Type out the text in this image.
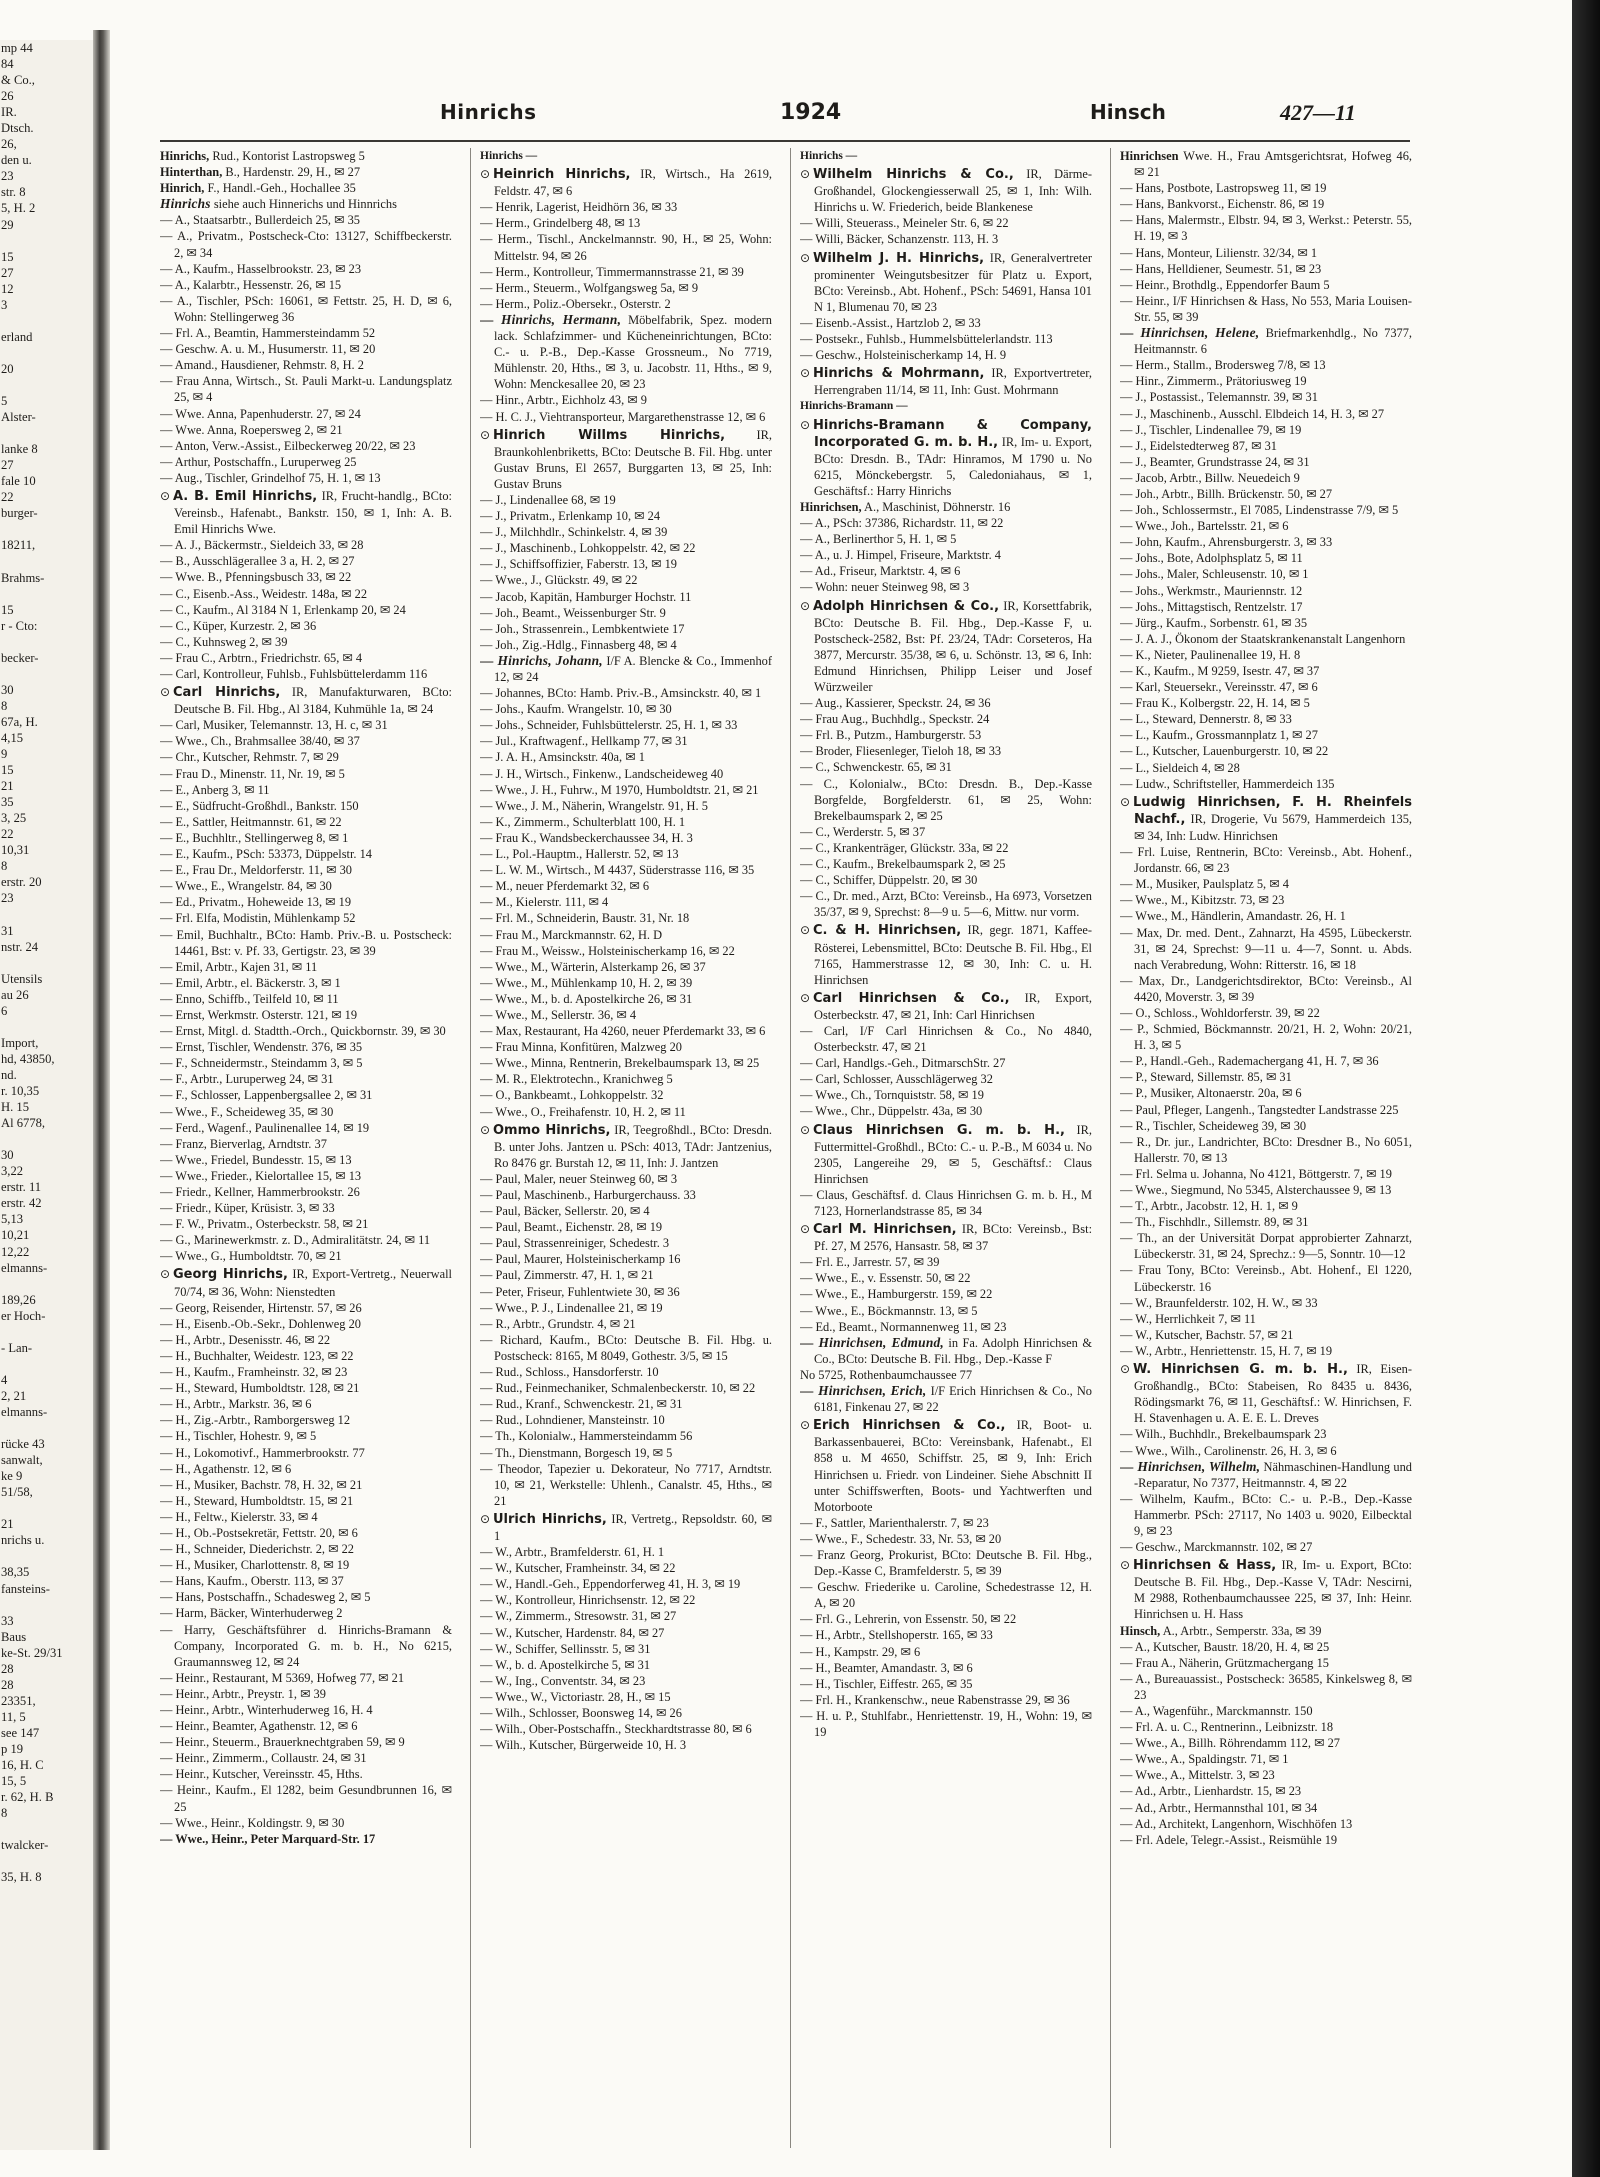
mp 44
84
& Co.,
26
IR.
Dtsch.
26,
den u.
23
str. 8
5, H. 2
29

15
27
12
3

erland

20

5
Alster-

lanke 8
27
fale 10
22
burger-

18211,

Brahms-

15
r - Cto:

becker-

30
8
67a, H.
4,15
9
15
21
35
3, 25
22
10,31
8
erstr. 20
23

31
nstr. 24

Utensils
au 26
6

Import,
hd, 43850,
nd.
r. 10,35
H. 15
Al 6778,

30
3,22
erstr. 11
erstr. 42
5,13
10,21
12,22
elmanns-

189,26
er Hoch-

- Lan-

4
2, 21
elmanns-

rücke 43
sanwalt,
ke 9
51/58,

21
nrichs u.

38,35
fansteins-

33
Baus
ke-St. 29/31
28
28
23351,
11, 5
see 147
p 19
16, H. C
15, 5
r. 62, H. B
8

twalcker-

35, H. 8
Hinrichs	1924	Hinsch	427—11
Hinrichs, Rud., Kontorist Lastropsweg 5
Hinterthan, B., Hardenstr. 29, H., ✉ 27
Hinrich, F., Handl.-Geh., Hochallee 35
Hinrichs siehe auch Hinnerichs und Hinnrichs
— A., Staatsarbtr., Bullerdeich 25, ✉ 35
— A., Privatm., Postscheck-Cto: 13127, Schiffbeckerstr. 2, ✉ 34
— A., Kaufm., Hasselbrookstr. 23, ✉ 23
— A., Kalarbtr., Hessenstr. 26, ✉ 15
— A., Tischler, PSch: 16061, ✉ Fettstr. 25, H. D, ✉ 6, Wohn: Stellingerweg 36
— Frl. A., Beamtin, Hammersteindamm 52
— Geschw. A. u. M., Husumerstr. 11, ✉ 20
— Amand., Hausdiener, Rehmstr. 8, H. 2
— Frau Anna, Wirtsch., St. Pauli Markt-u. Landungsplatz 25, ✉ 4
— Wwe. Anna, Papenhuderstr. 27, ✉ 24
— Wwe. Anna, Roepersweg 2, ✉ 21
— Anton, Verw.-Assist., Eilbeckerweg 20/22, ✉ 23
— Arthur, Postschaffn., Luruperweg 25
— Aug., Tischler, Grindelhof 75, H. 1, ✉ 13
⊙ A. B. Emil Hinrichs, IR, Frucht-handlg., BCto: Vereinsb., Hafenabt., Bankstr. 150, ✉ 1, Inh: A. B. Emil Hinrichs Wwe.
— A. J., Bäckermstr., Sieldeich 33, ✉ 28
— B., Ausschlägerallee 3 a, H. 2, ✉ 27
— Wwe. B., Pfenningsbusch 33, ✉ 22
— C., Eisenb.-Ass., Weidestr. 148a, ✉ 22
— C., Kaufm., Al 3184 N 1, Erlenkamp 20, ✉ 24
— C., Küper, Kurzestr. 2, ✉ 36
— C., Kuhnsweg 2, ✉ 39
— Frau C., Arbtrn., Friedrichstr. 65, ✉ 4
— Carl, Kontrolleur, Fuhlsb., Fuhlsbüttelerdamm 116
⊙ Carl Hinrichs, IR, Manufakturwaren, BCto: Deutsche B. Fil. Hbg., Al 3184, Kuhmühle 1a, ✉ 24
— Carl, Musiker, Telemannstr. 13, H. c, ✉ 31
— Wwe., Ch., Brahmsallee 38/40, ✉ 37
— Chr., Kutscher, Rehmstr. 7, ✉ 29
— Frau D., Minenstr. 11, Nr. 19, ✉ 5
— E., Anberg 3, ✉ 11
— E., Südfrucht-Großhdl., Bankstr. 150
— E., Sattler, Heitmannstr. 61, ✉ 22
— E., Buchhltr., Stellingerweg 8, ✉ 1
— E., Kaufm., PSch: 53373, Düppelstr. 14
— E., Frau Dr., Meldorferstr. 11, ✉ 30
— Wwe., E., Wrangelstr. 84, ✉ 30
— Ed., Privatm., Hoheweide 13, ✉ 19
— Frl. Elfa, Modistin, Mühlenkamp 52
— Emil, Buchhaltr., BCto: Hamb. Priv.-B. u. Postscheck: 14461, Bst: v. Pf. 33, Gertigstr. 23, ✉ 39
— Emil, Arbtr., Kajen 31, ✉ 11
— Emil, Arbtr., el. Bäckerstr. 3, ✉ 1
— Enno, Schiffb., Teilfeld 10, ✉ 11
— Ernst, Werkmstr. Osterstr. 121, ✉ 19
— Ernst, Mitgl. d. Stadtth.-Orch., Quickbornstr. 39, ✉ 30
— Ernst, Tischler, Wendenstr. 376, ✉ 35
— F., Schneidermstr., Steindamm 3, ✉ 5
— F., Arbtr., Luruperweg 24, ✉ 31
— F., Schlosser, Lappenbergsallee 2, ✉ 31
— Wwe., F., Scheideweg 35, ✉ 30
— Ferd., Wagenf., Paulinenallee 14, ✉ 19
— Franz, Bierverlag, Arndtstr. 37
— Wwe., Friedel, Bundesstr. 15, ✉ 13
— Wwe., Frieder., Kielortallee 15, ✉ 13
— Friedr., Kellner, Hammerbrookstr. 26
— Friedr., Küper, Krüsistr. 3, ✉ 33
— F. W., Privatm., Osterbeckstr. 58, ✉ 21
— G., Marinewerkmstr. z. D., Admiralitätstr. 24, ✉ 11
— Wwe., G., Humboldtstr. 70, ✉ 21
⊙ Georg Hinrichs, IR, Export-Vertretg., Neuerwall 70/74, ✉ 36, Wohn: Nienstedten
— Georg, Reisender, Hirtenstr. 57, ✉ 26
— H., Eisenb.-Ob.-Sekr., Dohlenweg 20
— H., Arbtr., Desenisstr. 46, ✉ 22
— H., Buchhalter, Weidestr. 123, ✉ 22
— H., Kaufm., Framheinstr. 32, ✉ 23
— H., Steward, Humboldtstr. 128, ✉ 21
— H., Arbtr., Markstr. 36, ✉ 6
— H., Zig.-Arbtr., Ramborgersweg 12
— H., Tischler, Hohestr. 9, ✉ 5
— H., Lokomotivf., Hammerbrookstr. 77
— H., Agathenstr. 12, ✉ 6
— H., Musiker, Bachstr. 78, H. 32, ✉ 21
— H., Steward, Humboldtstr. 15, ✉ 21
— H., Feltw., Kielerstr. 33, ✉ 4
— H., Ob.-Postsekretär, Fettstr. 20, ✉ 6
— H., Schneider, Diederichstr. 2, ✉ 22
— H., Musiker, Charlottenstr. 8, ✉ 19
— Hans, Kaufm., Oberstr. 113, ✉ 37
— Hans, Postschaffn., Schadesweg 2, ✉ 5
— Harm, Bäcker, Winterhuderweg 2
— Harry, Geschäftsführer d. Hinrichs-Bramann & Company, Incorporated G. m. b. H., No 6215, Graumannsweg 12, ✉ 24
— Heinr., Restaurant, M 5369, Hofweg 77, ✉ 21
— Heinr., Arbtr., Preystr. 1, ✉ 39
— Heinr., Arbtr., Winterhuderweg 16, H. 4
— Heinr., Beamter, Agathenstr. 12, ✉ 6
— Heinr., Steuerm., Brauerknechtgraben 59, ✉ 9
— Heinr., Zimmerm., Collaustr. 24, ✉ 31
— Heinr., Kutscher, Vereinsstr. 45, Hths.
— Heinr., Kaufm., El 1282, beim Gesundbrunnen 16, ✉ 25
— Wwe., Heinr., Koldingstr. 9, ✉ 30
— Wwe., Heinr., Peter Marquard-Str. 17
Hinrichs —
⊙ Heinrich Hinrichs, IR, Wirtsch., Ha 2619, Feldstr. 47, ✉ 6
— Henrik, Lagerist, Heidhörn 36, ✉ 33
— Herm., Grindelberg 48, ✉ 13
— Herm., Tischl., Anckelmannstr. 90, H., ✉ 25, Wohn: Mittelstr. 94, ✉ 26
— Herm., Kontrolleur, Timmermannstrasse 21, ✉ 39
— Herm., Steuerm., Wolfgangsweg 5a, ✉ 9
— Herm., Poliz.-Obersekr., Osterstr. 2
— Hinrichs, Hermann, Möbelfabrik, Spez. modern lack. Schlafzimmer- und Kücheneinrichtungen, BCto: C.- u. P.-B., Dep.-Kasse Grossneum., No 7719, Mühlenstr. 20, Hths., ✉ 3, u. Jacobstr. 11, Hths., ✉ 9, Wohn: Menckesallee 20, ✉ 23
— Hinr., Arbtr., Eichholz 43, ✉ 9
— H. C. J., Viehtransporteur, Margarethenstrasse 12, ✉ 6
⊙ Hinrich Willms Hinrichs,	IR, Braunkohlenbriketts, BCto: Deutsche B. Fil. Hbg. unter Gustav Bruns, El 2657, Burggarten 13, ✉ 25, Inh: Gustav Bruns
— J., Lindenallee 68, ✉ 19
— J., Privatm., Erlenkamp 10, ✉ 24
— J., Milchhdlr., Schinkelstr. 4, ✉ 39
— J., Maschinenb., Lohkoppelstr. 42, ✉ 22
— J., Schiffsoffizier, Faberstr. 13, ✉ 19
— Wwe., J., Glückstr. 49, ✉ 22
— Jacob, Kapitän, Hamburger Hochstr. 11
— Joh., Beamt., Weissenburger Str. 9
— Joh., Strassenrein., Lembkentwiete 17
— Joh., Zig.-Hdlg., Finnasberg 48, ✉ 4
— Hinrichs, Johann, I/F A. Blencke & Co., Immenhof 12, ✉ 24
— Johannes, BCto: Hamb. Priv.-B., Amsinckstr. 40, ✉ 1
— Johs., Kaufm. Wrangelstr. 10, ✉ 30
— Johs., Schneider, Fuhlsbüttelerstr. 25, H. 1, ✉ 33
— Jul., Kraftwagenf., Hellkamp 77, ✉ 31
— J. A. H., Amsinckstr. 40a, ✉ 1
— J. H., Wirtsch., Finkenw., Landscheideweg 40
— Wwe., J. H., Fuhrw., M 1970, Humboldtstr. 21, ✉ 21
— Wwe., J. M., Näherin, Wrangelstr. 91, H. 5
— K., Zimmerm., Schulterblatt 100, H. 1
— Frau K., Wandsbeckerchaussee 34, H. 3
— L., Pol.-Hauptm., Hallerstr. 52, ✉ 13
— L. W. M., Wirtsch., M 4437, Süderstrasse 116, ✉ 35
— M., neuer Pferdemarkt 32, ✉ 6
— M., Kielerstr. 111, ✉ 4
— Frl. M., Schneiderin, Baustr. 31, Nr. 18
— Frau M., Marckmannstr. 62, H. D
— Frau M., Weissw., Holsteinischerkamp 16, ✉ 22
— Wwe., M., Wärterin, Alsterkamp 26, ✉ 37
— Wwe., M., Mühlenkamp 10, H. 2, ✉ 39
— Wwe., M., b. d. Apostelkirche 26, ✉ 31
— Wwe., M., Sellerstr. 36, ✉ 4
— Max, Restaurant, Ha 4260, neuer Pferdemarkt 33, ✉ 6
— Frau Minna, Konfitüren, Malzweg 20
— Wwe., Minna, Rentnerin, Brekelbaumspark 13, ✉ 25
— M. R., Elektrotechn., Kranichweg 5
— O., Bankbeamt., Lohkoppelstr. 32
— Wwe., O., Freihafenstr. 10, H. 2, ✉ 11
⊙ Ommo Hinrichs, IR, Teegroßhdl., BCto: Dresdn. B. unter Johs. Jantzen u. PSch: 4013, TAdr: Jantzenius, Ro 8476 gr. Burstah 12, ✉ 11, Inh: J. Jantzen
— Paul, Maler, neuer Steinweg 60, ✉ 3
— Paul, Maschinenb., Harburgerchauss. 33
— Paul, Bäcker, Sellerstr. 20, ✉ 4
— Paul, Beamt., Eichenstr. 28, ✉ 19
— Paul, Strassenreiniger, Schedestr. 3
— Paul, Maurer, Holsteinischerkamp 16
— Paul, Zimmerstr. 47, H. 1, ✉ 21
— Peter, Friseur, Fuhlentwiete 30, ✉ 36
— Wwe., P. J., Lindenallee 21, ✉ 19
— R., Arbtr., Grundstr. 4, ✉ 21
— Richard, Kaufm., BCto: Deutsche B. Fil. Hbg. u. Postscheck: 8165, M 8049, Gothestr. 3/5, ✉ 15
— Rud., Schloss., Hansdorferstr. 10
— Rud., Feinmechaniker, Schmalenbeckerstr. 10, ✉ 22
— Rud., Kranf., Schwenckestr. 21, ✉ 31
— Rud., Lohndiener, Mansteinstr. 10
— Th., Kolonialw., Hammersteindamm 56
— Th., Dienstmann, Borgesch 19, ✉ 5
— Theodor, Tapezier u. Dekorateur, No 7717, Arndtstr. 10, ✉ 21, Werkstelle: Uhlenh., Canalstr. 45, Hths., ✉ 21
⊙ Ulrich Hinrichs, IR, Vertretg., Repsoldstr. 60, ✉ 1
— W., Arbtr., Bramfelderstr. 61, H. 1
— W., Kutscher, Framheinstr. 34, ✉ 22
— W., Handl.-Geh., Eppendorferweg 41, H. 3, ✉ 19
— W., Kontrolleur, Hinrichsenstr. 12, ✉ 22
— W., Zimmerm., Stresowstr. 31, ✉ 27
— W., Kutscher, Hardenstr. 84, ✉ 27
— W., Schiffer, Sellinsstr. 5, ✉ 31
— W., b. d. Apostelkirche 5, ✉ 31
— W., Ing., Conventstr. 34, ✉ 23
— Wwe., W., Victoriastr. 28, H., ✉ 15
— Wilh., Schlosser, Boonsweg 14, ✉ 26
— Wilh., Ober-Postschaffn., Steckhardtstrasse 80, ✉ 6
— Wilh., Kutscher, Bürgerweide 10, H. 3
Hinrichs —
⊙ Wilhelm Hinrichs & Co., IR, Därme-Großhandel, Glockengiesserwall 25, ✉ 1, Inh: Wilh. Hinrichs u. W. Friederich, beide Blankenese
— Willi, Steuerass., Meineler Str. 6, ✉ 22
— Willi, Bäcker, Schanzenstr. 113, H. 3
⊙ Wilhelm J. H. Hinrichs, IR, Generalvertreter prominenter Weingutsbesitzer für Platz u. Export, BCto: Vereinsb., Abt. Hohenf., PSch: 54691, Hansa 101 N 1, Blumenau 70, ✉ 23
— Eisenb.-Assist., Hartzlob 2, ✉ 33
— Postsekr., Fuhlsb., Hummelsbüttelerlandstr. 113
— Geschw., Holsteinischerkamp 14, H. 9
⊙ Hinrichs & Mohrmann, IR, Exportvertreter, Herrengraben 11/14, ✉ 11, Inh: Gust. Mohrmann
Hinrichs-Bramann —
⊙ Hinrichs-Bramann & Company, Incorporated G. m. b. H., IR, Im- u. Export, BCto: Dresdn. B., TAdr: Hinramos, M 1790 u. No 6215, Mönckebergstr. 5, Caledoniahaus, ✉ 1, Geschäftsf.: Harry Hinrichs
Hinrichsen, A., Maschinist, Döhnerstr. 16
— A., PSch: 37386, Richardstr. 11, ✉ 22
— A., Berlinerthor 5, H. 1, ✉ 5
— A., u. J. Himpel, Friseure, Marktstr. 4
— Ad., Friseur, Marktstr. 4, ✉ 6
— Wohn: neuer Steinweg 98, ✉ 3
⊙ Adolph Hinrichsen & Co., IR, Korsettfabrik, BCto: Deutsche B. Fil. Hbg., Dep.-Kasse F, u. Postscheck-2582, Bst: Pf. 23/24, TAdr: Corseteros, Ha 3877, Mercurstr. 35/38, ✉ 6, u. Schönstr. 13, ✉ 6, Inh: Edmund Hinrichsen, Philipp Leiser und Josef Würzweiler
— Aug., Kassierer, Speckstr. 24, ✉ 36
— Frau Aug., Buchhdlg., Speckstr. 24
— Frl. B., Putzm., Hamburgerstr. 53
— Broder, Fliesenleger, Tieloh 18, ✉ 33
— C., Schwenckestr. 65, ✉ 31
— C., Kolonialw., BCto: Dresdn. B., Dep.-Kasse Borgfelde, Borgfelderstr. 61, ✉ 25, Wohn: Brekelbaumspark 2, ✉ 25
— C., Werderstr. 5, ✉ 37
— C., Krankenträger, Glückstr. 33a, ✉ 22
— C., Kaufm., Brekelbaumspark 2, ✉ 25
— C., Schiffer, Düppelstr. 20, ✉ 30
— C., Dr. med., Arzt, BCto: Vereinsb., Ha 6973, Vorsetzen 35/37, ✉ 9, Sprechst: 8—9 u. 5—6, Mittw. nur vorm.
⊙ C. & H. Hinrichsen, IR, gegr. 1871, Kaffee-Rösterei, Lebensmittel, BCto: Deutsche B. Fil. Hbg., El 7165, Hammerstrasse 12, ✉ 30, Inh: C. u. H. Hinrichsen
⊙ Carl Hinrichsen & Co., IR, Export, Osterbeckstr. 47, ✉ 21, Inh: Carl Hinrichsen
— Carl, I/F Carl Hinrichsen & Co., No 4840, Osterbeckstr. 47, ✉ 21
— Carl, Handlgs.-Geh., DitmarschStr. 27
— Carl, Schlosser, Ausschlägerweg 32
— Wwe., Ch., Tornquiststr. 58, ✉ 19
— Wwe., Chr., Düppelstr. 43a, ✉ 30
⊙ Claus Hinrichsen G. m. b. H., IR, Futtermittel-Großhdl., BCto: C.- u. P.-B., M 6034 u. No 2305, Langereihe 29, ✉ 5, Geschäftsf.: Claus Hinrichsen
— Claus, Geschäftsf. d. Claus Hinrichsen G. m. b. H., M 7123, Hornerlandstrasse 85, ✉ 34
⊙ Carl M. Hinrichsen, IR, BCto: Vereinsb., Bst: Pf. 27, M 2576, Hansastr. 58, ✉ 37
— Frl. E., Jarrestr. 57, ✉ 39
— Wwe., E., v. Essenstr. 50, ✉ 22
— Wwe., E., Hamburgerstr. 159, ✉ 22
— Wwe., E., Böckmannstr. 13, ✉ 5
— Ed., Beamt., Normannenweg 11, ✉ 23
— Hinrichsen, Edmund, in Fa. Adolph Hinrichsen & Co., BCto: Deutsche B. Fil. Hbg., Dep.-Kasse F
No 5725, Rothenbaumchaussee 77
— Hinrichsen, Erich, I/F Erich Hinrichsen & Co., No 6181, Finkenau 27, ✉ 22
⊙ Erich Hinrichsen & Co., IR, Boot- u. Barkassenbauerei, BCto: Vereinsbank, Hafenabt., El 858 u. M 4650, Schiffstr. 25, ✉ 9, Inh: Erich Hinrichsen u. Friedr. von Lindeiner. Siehe Abschnitt II unter Schiffswerften, Boots- und Yachtwerften und Motorboote
— F., Sattler, Marienthalerstr. 7, ✉ 23
— Wwe., F., Schedestr. 33, Nr. 53, ✉ 20
— Franz Georg, Prokurist, BCto: Deutsche B. Fil. Hbg., Dep.-Kasse C, Bramfelderstr. 5, ✉ 39
— Geschw. Friederike u. Caroline, Schedestrasse 12, H. A, ✉ 20
— Frl. G., Lehrerin, von Essenstr. 50, ✉ 22
— H., Arbtr., Stellshoperstr. 165, ✉ 33
— H., Kampstr. 29, ✉ 6
— H., Beamter, Amandastr. 3, ✉ 6
— H., Tischler, Eiffestr. 265, ✉ 35
— Frl. H., Krankenschw., neue Rabenstrasse 29, ✉ 36
— H. u. P., Stuhlfabr., Henriettenstr. 19, H., Wohn: 19, ✉ 19
Hinrichsen Wwe. H., Frau Amtsgerichtsrat, Hofweg 46, ✉ 21
— Hans, Postbote, Lastropsweg 11, ✉ 19
— Hans, Bankvorst., Eichenstr. 86, ✉ 19
— Hans, Malermstr., Elbstr. 94, ✉ 3, Werkst.: Peterstr. 55, H. 19, ✉ 3
— Hans, Monteur, Lilienstr. 32/34, ✉ 1
— Hans, Helldiener, Seumestr. 51, ✉ 23
— Heinr., Brothdlg., Eppendorfer Baum 5
— Heinr., I/F Hinrichsen & Hass, No 553, Maria Louisen-Str. 55, ✉ 39
— Hinrichsen, Helene, Briefmarkenhdlg., No 7377, Heitmannstr. 6
— Herm., Stallm., Brodersweg 7/8, ✉ 13
— Hinr., Zimmerm., Prätoriusweg 19
— J., Postassist., Telemannstr. 39, ✉ 31
— J., Maschinenb., Ausschl. Elbdeich 14, H. 3, ✉ 27
— J., Tischler, Lindenallee 79, ✉ 19
— J., Eidelstedterweg 87, ✉ 31
— J., Beamter, Grundstrasse 24, ✉ 31
— Jacob, Arbtr., Billw. Neuedeich 9
— Joh., Arbtr., Billh. Brückenstr. 50, ✉ 27
— Joh., Schlossermstr., El 7085, Lindenstrasse 7/9, ✉ 5
— Wwe., Joh., Bartelsstr. 21, ✉ 6
— John, Kaufm., Ahrensburgerstr. 3, ✉ 33
— Johs., Bote, Adolphsplatz 5, ✉ 11
— Johs., Maler, Schleusenstr. 10, ✉ 1
— Johs., Werkmstr., Mauriennstr. 12
— Johs., Mittagstisch, Rentzelstr. 17
— Jürg., Kaufm., Sorbenstr. 61, ✉ 35
— J. A. J., Ökonom der Staatskrankenanstalt Langenhorn
— K., Nieter, Paulinenallee 19, H. 8
— K., Kaufm., M 9259, Isestr. 47, ✉ 37
— Karl, Steuersekr., Vereinsstr. 47, ✉ 6
— Frau K., Kolbergstr. 22, H. 14, ✉ 5
— L., Steward, Dennerstr. 8, ✉ 33
— L., Kaufm., Grossmannplatz 1, ✉ 27
— L., Kutscher, Lauenburgerstr. 10, ✉ 22
— L., Sieldeich 4, ✉ 28
— Ludw., Schriftsteller, Hammerdeich 135
⊙ Ludwig Hinrichsen, F. H. Rheinfels Nachf., IR, Drogerie, Vu 5679, Hammerdeich 135, ✉ 34, Inh: Ludw. Hinrichsen
— Frl. Luise, Rentnerin, BCto: Vereinsb., Abt. Hohenf., Jordanstr. 66, ✉ 23
— M., Musiker, Paulsplatz 5, ✉ 4
— Wwe., M., Kibitzstr. 73, ✉ 23
— Wwe., M., Händlerin, Amandastr. 26, H. 1
— Max, Dr. med. Dent., Zahnarzt, Ha 4595, Lübeckerstr. 31, ✉ 24, Sprechst: 9—11 u. 4—7, Sonnt. u. Abds. nach Verabredung, Wohn: Ritterstr. 16, ✉ 18
— Max, Dr., Landgerichtsdirektor, BCto: Vereinsb., Al 4420, Moverstr. 3, ✉ 39
— O., Schloss., Wohldorferstr. 39, ✉ 22
— P., Schmied, Böckmannstr. 20/21, H. 2, Wohn: 20/21, H. 3, ✉ 5
— P., Handl.-Geh., Rademachergang 41, H. 7, ✉ 36
— P., Steward, Sillemstr. 85, ✉ 31
— P., Musiker, Altonaerstr. 20a, ✉ 6
— Paul, Pfleger, Langenh., Tangstedter Landstrasse 225
— R., Tischler, Scheideweg 39, ✉ 30
— R., Dr. jur., Landrichter, BCto: Dresdner B., No 6051, Hallerstr. 70, ✉ 13
— Frl. Selma u. Johanna, No 4121, Böttgerstr. 7, ✉ 19
— Wwe., Siegmund, No 5345, Alsterchaussee 9, ✉ 13
— T., Arbtr., Jacobstr. 12, H. 1, ✉ 9
— Th., Fischhdlr., Sillemstr. 89, ✉ 31
— Th., an der Universität Dorpat approbierter Zahnarzt, Lübeckerstr. 31, ✉ 24, Sprechz.: 9—5, Sonntr. 10—12
— Frau Tony, BCto: Vereinsb., Abt. Hohenf., El 1220, Lübeckerstr. 16
— W., Braunfelderstr. 102, H. W., ✉ 33
— W., Herrlichkeit 7, ✉ 11
— W., Kutscher, Bachstr. 57, ✉ 21
— W., Arbtr., Henriettenstr. 15, H. 7, ✉ 19
⊙ W. Hinrichsen G. m. b. H., IR, Eisen-Großhandlg., BCto: Stabeisen, Ro 8435 u. 8436, Rödingsmarkt 76, ✉ 11, Geschäftsf.: W. Hinrichsen, F. H. Stavenhagen u. A. E. E. L. Dreves
— Wilh., Buchhdlr., Brekelbaumspark 23
— Wwe., Wilh., Carolinenstr. 26, H. 3, ✉ 6
— Hinrichsen, Wilhelm, Nähmaschinen-Handlung und -Reparatur, No 7377, Heitmannstr. 4, ✉ 22
— Wilhelm, Kaufm., BCto: C.- u. P.-B., Dep.-Kasse Hammerbr. PSch: 27117, No 1403 u. 9020, Eilbecktal 9, ✉ 23
— Geschw., Marckmannstr. 102, ✉ 27
⊙ Hinrichsen & Hass, IR, Im- u. Export, BCto: Deutsche B. Fil. Hbg., Dep.-Kasse V, TAdr: Nescirni, M 2988, Rothenbaumchaussee 225, ✉ 37, Inh: Heinr. Hinrichsen u. H. Hass
Hinsch, A., Arbtr., Semperstr. 33a, ✉ 39
— A., Kutscher, Baustr. 18/20, H. 4, ✉ 25
— Frau A., Näherin, Grützmachergang 15
— A., Bureauassist., Postscheck: 36585, Kinkelsweg 8, ✉ 23
— A., Wagenführ., Marckmannstr. 150
— Frl. A. u. C., Rentnerinn., Leibnizstr. 18
— Wwe., A., Billh. Röhrendamm 112, ✉ 27
— Wwe., A., Spaldingstr. 71, ✉ 1
— Wwe., A., Mittelstr. 3, ✉ 23
— Ad., Arbtr., Lienhardstr. 15, ✉ 23
— Ad., Arbtr., Hermannsthal 101, ✉ 34
— Ad., Architekt, Langenhorn, Wischhöfen 13
— Frl. Adele, Telegr.-Assist., Reismühle 19
